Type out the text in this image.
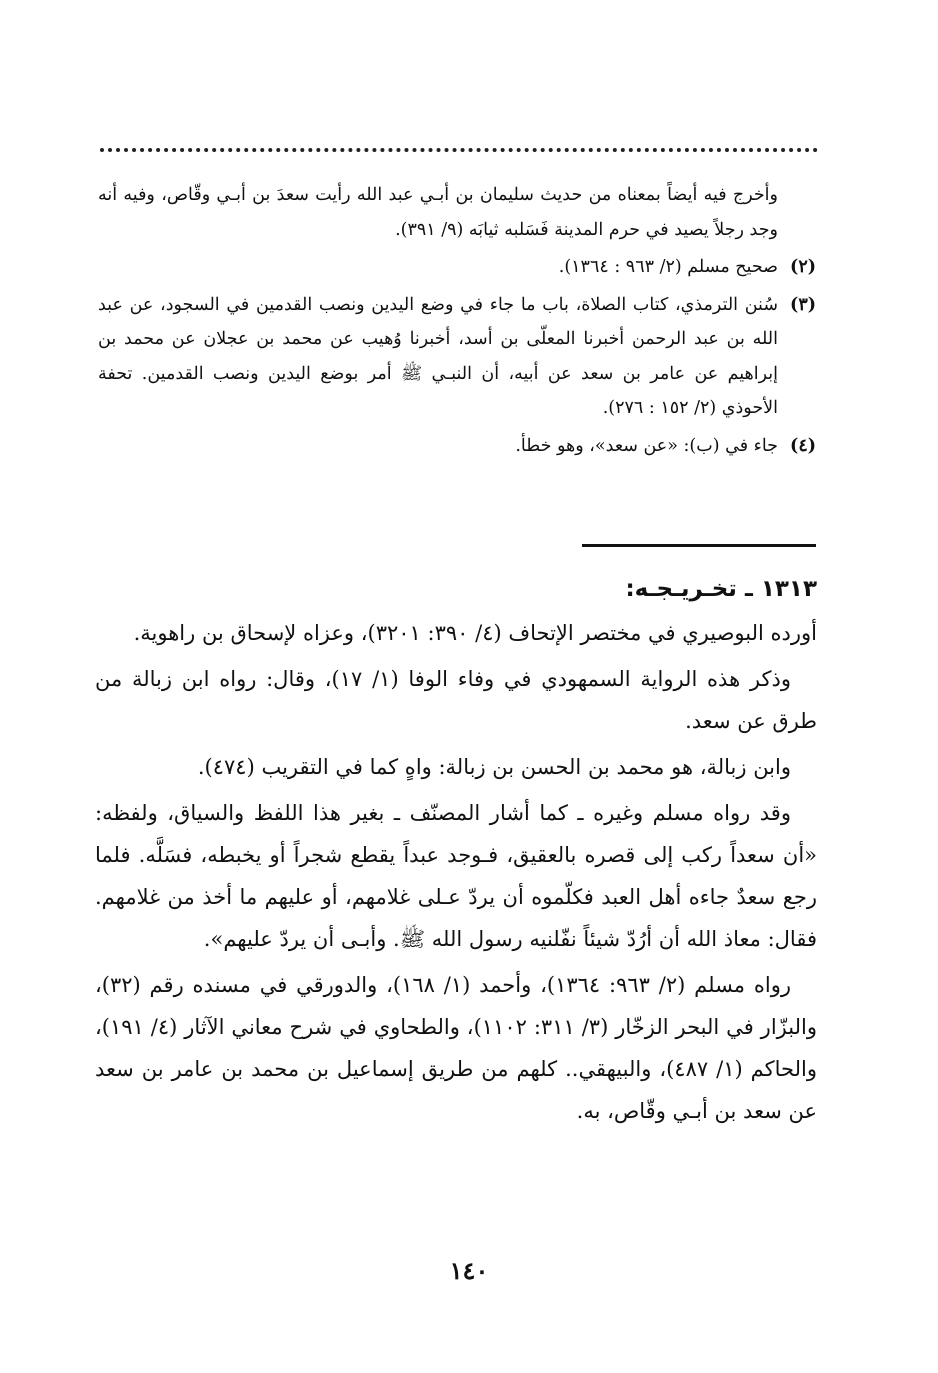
وأخرج فيه أيضاً بمعناه من حديث سليمان بن أبـي عبد الله رأيت سعدَ بن أبـي وقّاص، وفيه أنه وجد رجلاً يصيد في حرم المدينة فَسَلبه ثيابَه (٩/ ٣٩١).

(٢)
صحيح مسلم (٢/ ٩٦٣ : ١٣٦٤).
(٣)
سُنن الترمذي، كتاب الصلاة، باب ما جاء في وضع اليدين ونصب القدمين في السجود، عن عبد الله بن عبد الرحمن أخبرنا المعلّى بن أسد، أخبرنا وُهيب عن محمد بن عجلان عن محمد بن إبراهيم عن عامر بن سعد عن أبيه، أن النبـي ﷺ أمر بوضع اليدين ونصب القدمين. تحفة الأحوذي (٢/ ١٥٢ : ٢٧٦).
(٤)
جاء في (ب): «عن سعد»، وهو خطأ.
١٣١٣ ـ تخـريـجـه:

أورده البوصيري في مختصر الإتحاف (٤/ ٣٩٠: ٣٢٠١)، وعزاه لإسحاق بن راهوية.

وذكر هذه الرواية السمهودي في وفاء الوفا (١/ ١٧)، وقال: رواه ابن زبالة من طرق عن سعد.

وابن زبالة، هو محمد بن الحسن بن زبالة: واهٍ كما في التقريب (٤٧٤).

وقد رواه مسلم وغيره ـ كما أشار المصنّف ـ بغير هذا اللفظ والسياق، ولفظه: «أن سعداً ركب إلى قصره بالعقيق، فـوجد عبداً يقطع شجراً أو يخبطه، فسَلَّه. فلما رجع سعدٌ جاءه أهل العبد فكلّموه أن يردّ عـلى غلامهم، أو عليهم ما أخذ من غلامهم. فقال: معاذ الله أن أرُدّ شيئاً نفّلنيه رسول الله ﷺ. وأبـى أن يردّ عليهم».

رواه مسلم (٢/ ٩٦٣: ١٣٦٤)، وأحمد (١/ ١٦٨)، والدورقي في مسنده رقم (٣٢)، والبزّار في البحر الزخّار (٣/ ٣١١: ١١٠٢)، والطحاوي في شرح معاني الآثار (٤/ ١٩١)، والحاكم (١/ ٤٨٧)، والبيهقي.. كلهم من طريق إسماعيل بن محمد بن عامر بن سعد عن سعد بن أبـي وقّاص، به.

١٤٠
